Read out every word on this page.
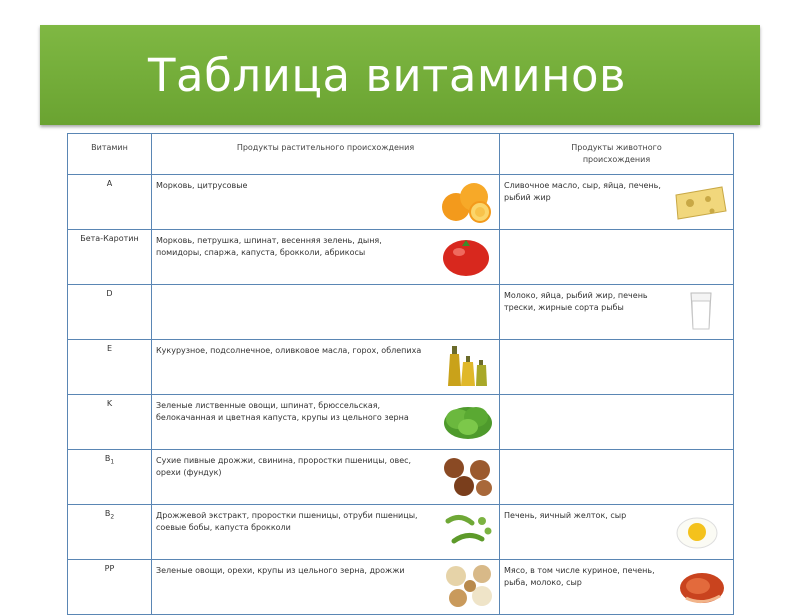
Таблица витаминов
Витамин	Продукты растительного происхождения	Продукты животного происхождения
A	Морковь, цитрусовые	Сливочное масло, сыр, яйца, печень, рыбий жир

Бета-Каротин	Морковь, петрушка, шпинат, весенняя зелень, дыня, помидоры, спаржа, капуста, брокколи, абрикосы	

D		Молоко, яйца, рыбий жир, печень трески, жирные сорта рыбы

E	Кукурузное, подсолнечное, оливковое масла, горох, облепиха	

K	Зеленые лиственные овощи, шпинат, брюссельская, белокачанная и цветная капуста, крупы из цельного зерна	

$B_1$	Сухие пивные дрожжи, свинина, проростки пшеницы, овес, орехи (фундук)	

$B_2$	Дрожжевой экстракт, проростки пшеницы, отруби пшеницы, соевые бобы, капуста брокколи	Печень, яичный желток, сыр

PP	Зеленые овощи, орехи, крупы из цельного зерна, дрожжи	Мясо, в том числе куриное, печень, рыба, молоко, сыр
